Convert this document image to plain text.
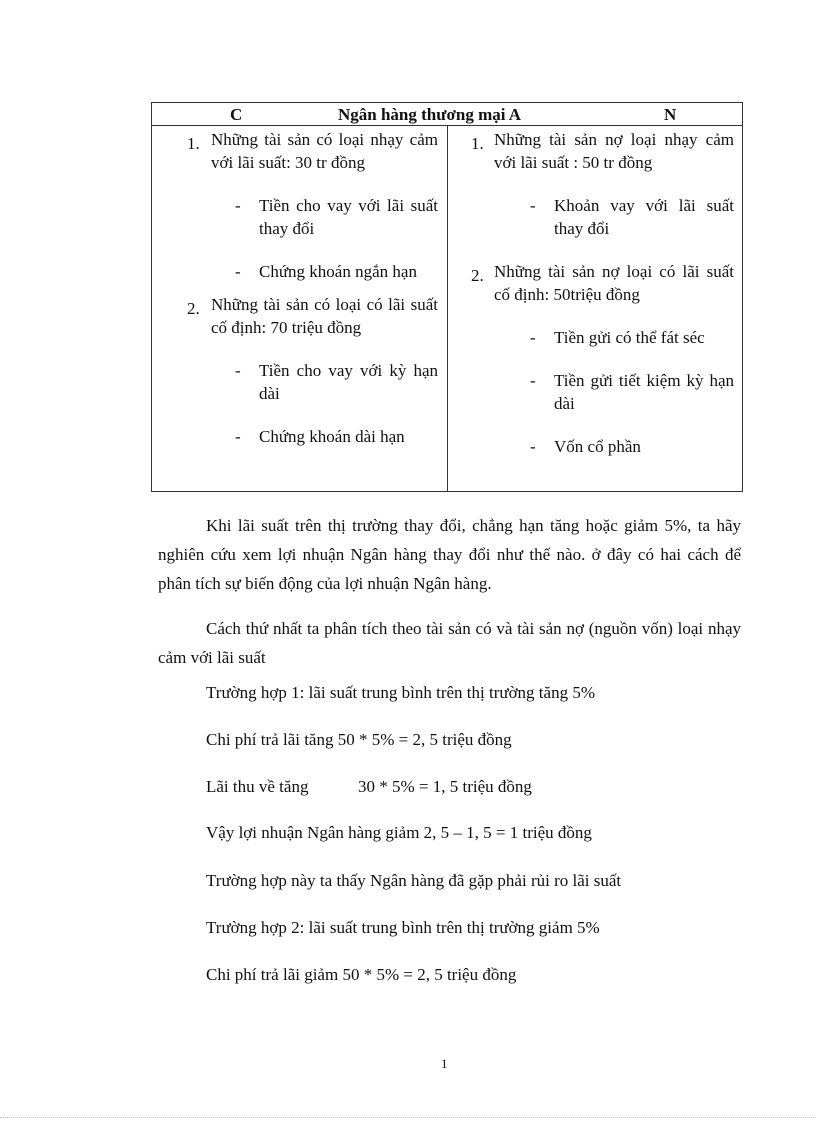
C	Ngân hàng thương mại A	N

1. Những tài sản có loại nhạy cảm với lãi suất: 30 tr đồng
- Tiền cho vay với lãi suất thay đổi
- Chứng khoán ngắn hạn
2. Những tài sản có loại có lãi suất cố định: 70 triệu đồng
- Tiền cho vay với kỳ hạn dài
- Chứng khoán dài hạn

1. Những tài sản nợ loại nhạy cảm với lãi suất : 50 tr đồng
- Khoản vay với lãi suất thay đổi
2. Những tài sản nợ loại có lãi suất cố định: 50triệu đồng
- Tiền gửi có thể fát séc
- Tiền gửi tiết kiệm kỳ hạn dài
- Vốn cổ phần

Khi lãi suất trên thị trường thay đổi, chẳng hạn tăng hoặc giảm 5%, ta hãy nghiên cứu xem lợi nhuận Ngân hàng thay đổi như thế nào. ở đây có hai cách để phân tích sự biến động của lợi nhuận Ngân hàng.

Cách thứ nhất ta phân tích theo tài sản có và tài sản nợ (nguồn vốn) loại nhạy cảm với lãi suất

Trường hợp 1: lãi suất trung bình trên thị trường tăng 5%
Chi phí trả lãi tăng 50 * 5% = 2, 5 triệu đồng
Lãi thu về tăng	30 * 5% = 1, 5 triệu đồng
Vậy lợi nhuận Ngân hàng giảm 2, 5 – 1, 5 = 1 triệu đồng
Trường hợp này ta thấy Ngân hàng đã gặp phải rủi ro lãi suất
Trường hợp 2: lãi suất trung bình trên thị trường giảm 5%
Chi phí trả lãi giảm 50 * 5% = 2, 5 triệu đồng
1
